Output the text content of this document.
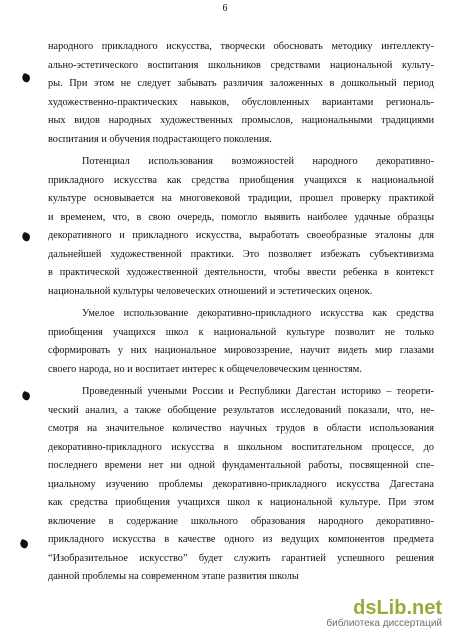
6
народного прикладного искусства, творчески обосновать методику интеллекту-
ально-эстетического воспитания школьников средствами национальной культу-
ры. При этом не следует забывать различия заложенных в дошкольный период
художественно-практических навыков, обусловленных вариантами региональ-
ных видов народных художественных промыслов, национальными традициями
воспитания и обучения подрастающего поколения.
Потенциал использования возможностей народного декоративно-
прикладного искусства как средства приобщения учащихся к национальной
культуре основывается на многовековой традиции, прошел проверку практикой
и временем, что, в свою очередь, помогло выявить наиболее удачные образцы
декоративного и прикладного искусства, выработать своеобразные эталоны для
дальнейшей художественной практики. Это позволяет избежать субъективизма
в практической художественной деятельности, чтобы ввести ребенка в контекст
национальной культуры человеческих отношений и эстетических оценок.
Умелое использование декоративно-прикладного искусства как средства
приобщения учащихся школ к национальной культуре позволит не только
сформировать у них национальное мировоззрение, научит видеть мир глазами
своего народа, но и воспитает интерес к общечеловеческим ценностям.
Проведенный учеными России и Республики Дагестан историко – теорети-
ческий анализ, а также обобщение результатов исследований показали, что, не-
смотря на значительное количество научных трудов в области использования
декоративно-прикладного искусства в школьном воспитательном процессе, до
последнего времени нет ни одной фундаментальной работы, посвященной спе-
циальному изучению проблемы декоративно-прикладного искусства Дагестана
как средства приобщения учащихся школ к национальной культуре. При этом
включение в содержание школьного образования народного декоративно-
прикладного искусства в качестве одного из ведущих компонентов предмета
“Изобразительное искусство” будет служить гарантией успешного решения
данной проблемы на современном этапе развития школы
dsLib.net
библиотека диссертаций
